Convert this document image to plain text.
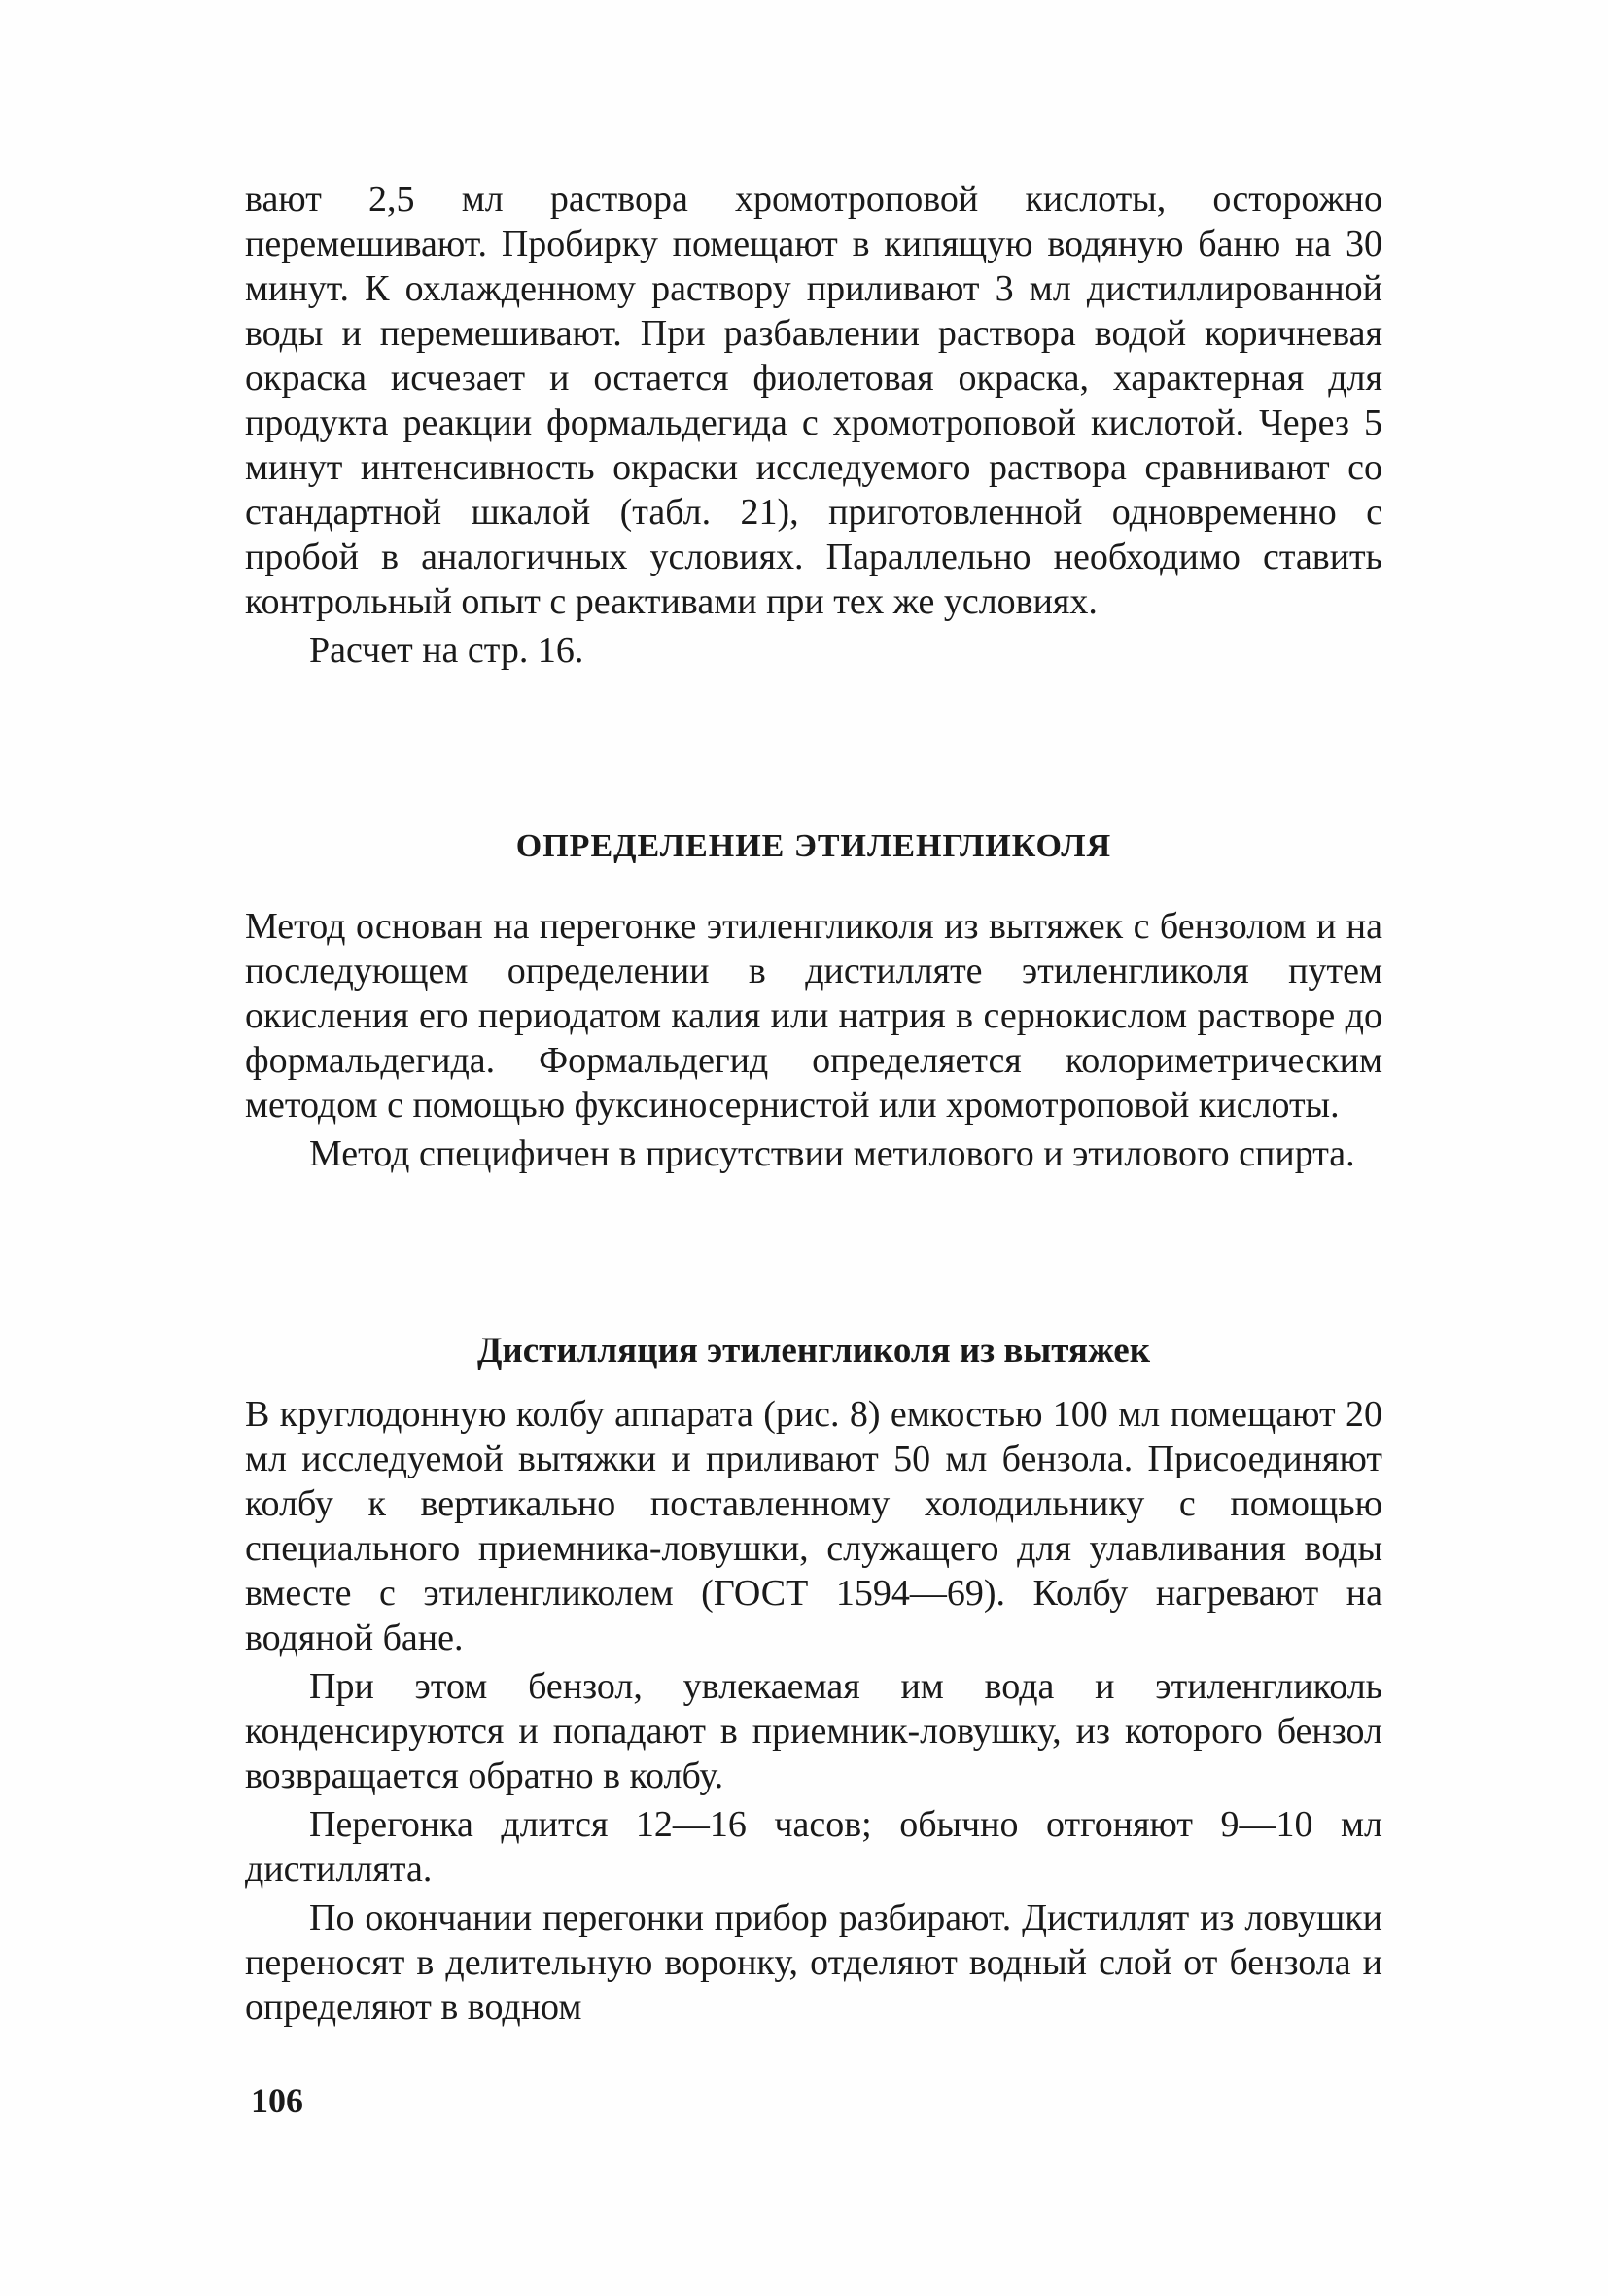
вают 2,5 мл раствора хромотроповой кислоты, осторожно перемешивают. Пробирку помещают в кипящую водяную баню на 30 минут. К охлажденному раствору приливают 3 мл дистиллированной воды и перемешивают. При разбавлении раствора водой коричневая окраска исчезает и остается фиолетовая окраска, характерная для продукта реакции формальдегида с хромотроповой кислотой. Через 5 минут интенсивность окраски исследуемого раствора сравнивают со стандартной шкалой (табл. 21), приготовленной одновременно с пробой в аналогичных условиях. Параллельно необходимо ставить контрольный опыт с реактивами при тех же условиях.

Расчет на стр. 16.

ОПРЕДЕЛЕНИЕ ЭТИЛЕНГЛИКОЛЯ

Метод основан на перегонке этиленгликоля из вытяжек с бензолом и на последующем определении в дистилляте этиленгликоля путем окисления его периодатом калия или натрия в сернокислом растворе до формальдегида. Формальдегид определяется колориметрическим методом с помощью фуксиносернистой или хромотроповой кислоты.

Метод специфичен в присутствии метилового и этилового спирта.

Дистилляция этиленгликоля из вытяжек

В круглодонную колбу аппарата (рис. 8) емкостью 100 мл помещают 20 мл исследуемой вытяжки и приливают 50 мл бензола. Присоединяют колбу к вертикально поставленному холодильнику с помощью специального приемника-ловушки, служащего для улавливания воды вместе с этиленгликолем (ГОСТ 1594—69). Колбу нагревают на водяной бане.

При этом бензол, увлекаемая им вода и этиленгликоль конденсируются и попадают в приемник-ловушку, из которого бензол возвращается обратно в колбу.

Перегонка длится 12—16 часов; обычно отгоняют 9—10 мл дистиллята.

По окончании перегонки прибор разбирают. Дистиллят из ловушки переносят в делительную воронку, отделяют водный слой от бензола и определяют в водном

106
